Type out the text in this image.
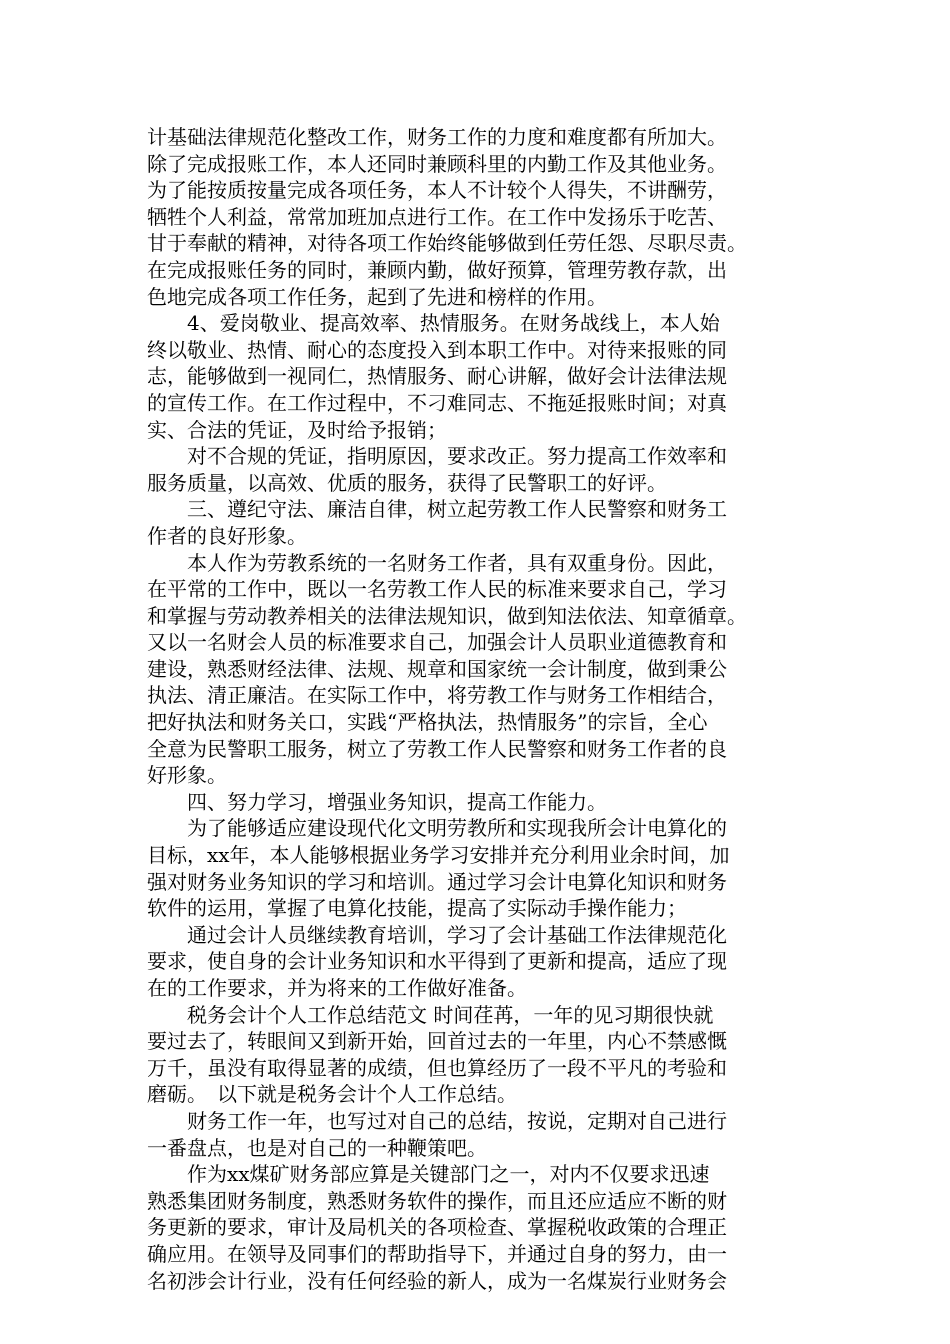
计基础法律规范化整改工作，财务工作的力度和难度都有所加大。
除了完成报账工作，本人还同时兼顾科里的内勤工作及其他业务。
为了能按质按量完成各项任务，本人不计较个人得失，不讲酬劳，
牺牲个人利益，常常加班加点进行工作。在工作中发扬乐于吃苦、
甘于奉献的精神，对待各项工作始终能够做到任劳任怨、尽职尽责。
在完成报账任务的同时，兼顾内勤，做好预算，管理劳教存款，出
色地完成各项工作任务，起到了先进和榜样的作用。
　　4、爱岗敬业、提高效率、热情服务。在财务战线上，本人始
终以敬业、热情、耐心的态度投入到本职工作中。对待来报账的同
志，能够做到一视同仁，热情服务、耐心讲解，做好会计法律法规
的宣传工作。在工作过程中，不刁难同志、不拖延报账时间；对真
实、合法的凭证，及时给予报销；
　　对不合规的凭证，指明原因，要求改正。努力提高工作效率和
服务质量，以高效、优质的服务，获得了民警职工的好评。
　　三、遵纪守法、廉洁自律，树立起劳教工作人民警察和财务工
作者的良好形象。
　　本人作为劳教系统的一名财务工作者，具有双重身份。因此，
在平常的工作中，既以一名劳教工作人民的标准来要求自己，学习
和掌握与劳动教养相关的法律法规知识，做到知法依法、知章循章。
又以一名财会人员的标准要求自己，加强会计人员职业道德教育和
建设，熟悉财经法律、法规、规章和国家统一会计制度，做到秉公
执法、清正廉洁。在实际工作中，将劳教工作与财务工作相结合，
把好执法和财务关口，实践“严格执法，热情服务”的宗旨，全心
全意为民警职工服务，树立了劳教工作人民警察和财务工作者的良
好形象。
　　四、努力学习，增强业务知识，提高工作能力。
　　为了能够适应建设现代化文明劳教所和实现我所会计电算化的
目标，xx年，本人能够根据业务学习安排并充分利用业余时间，加
强对财务业务知识的学习和培训。通过学习会计电算化知识和财务
软件的运用，掌握了电算化技能，提高了实际动手操作能力；
　　通过会计人员继续教育培训，学习了会计基础工作法律规范化
要求，使自身的会计业务知识和水平得到了更新和提高，适应了现
在的工作要求，并为将来的工作做好准备。
　　税务会计个人工作总结范文 时间荏苒，一年的见习期很快就
要过去了，转眼间又到新开始，回首过去的一年里，内心不禁感慨
万千，虽没有取得显著的成绩，但也算经历了一段不平凡的考验和
磨砺。　以下就是税务会计个人工作总结。
　　财务工作一年，也写过对自己的总结，按说，定期对自己进行
一番盘点，也是对自己的一种鞭策吧。
　　作为xx煤矿财务部应算是关键部门之一，对内不仅要求迅速
熟悉集团财务制度，熟悉财务软件的操作，而且还应适应不断的财
务更新的要求，审计及局机关的各项检查、掌握税收政策的合理正
确应用。在领导及同事们的帮助指导下，并通过自身的努力，由一
名初涉会计行业，没有任何经验的新人，成为一名煤炭行业财务会
